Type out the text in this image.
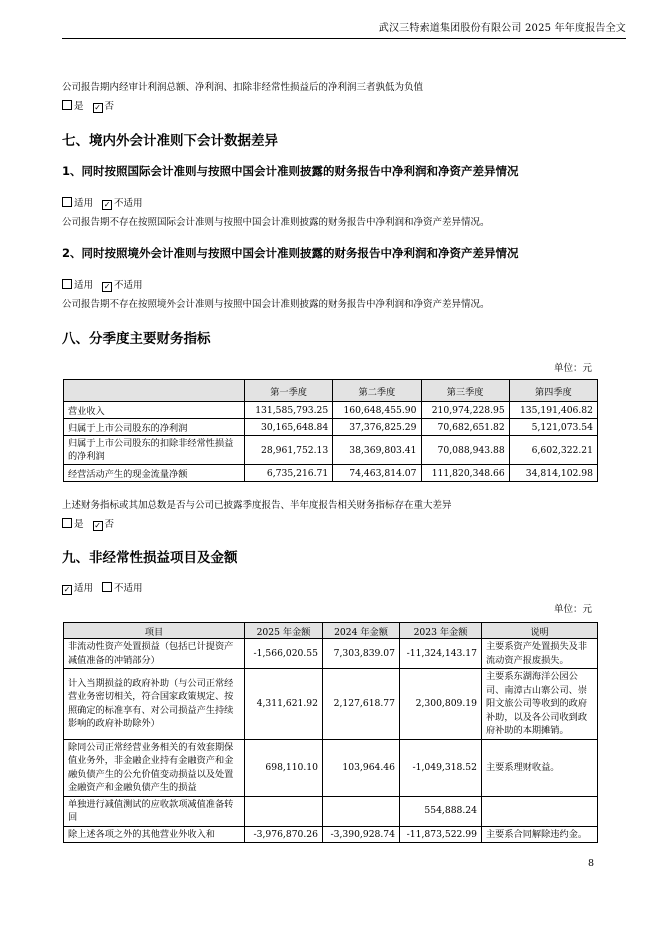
武汉三特索道集团股份有限公司 2025 年年度报告全文
公司报告期内经审计利润总额、净利润、扣除非经常性损益后的净利润三者孰低为负值
是 ✓ 否
七、境内外会计准则下会计数据差异
1、同时按照国际会计准则与按照中国会计准则披露的财务报告中净利润和净资产差异情况
适用 ✓ 不适用
公司报告期不存在按照国际会计准则与按照中国会计准则披露的财务报告中净利润和净资产差异情况。
2、同时按照境外会计准则与按照中国会计准则披露的财务报告中净利润和净资产差异情况
适用 ✓ 不适用
公司报告期不存在按照境外会计准则与按照中国会计准则披露的财务报告中净利润和净资产差异情况。
八、分季度主要财务指标
单位：元
	第一季度	第二季度	第三季度	第四季度
营业收入	131,585,793.25	160,648,455.90	210,974,228.95	135,191,406.82
归属于上市公司股东的净利润	30,165,648.84	37,376,825.29	70,682,651.82	5,121,073.54
归属于上市公司股东的扣除非经常性损益的净利润	28,961,752.13	38,369,803.41	70,088,943.88	6,602,322.21
经营活动产生的现金流量净额	6,735,216.71	74,463,814.07	111,820,348.66	34,814,102.98
上述财务指标或其加总数是否与公司已披露季度报告、半年度报告相关财务指标存在重大差异
是 ✓ 否
九、非经常性损益项目及金额
✓ 适用 不适用
单位：元
项目	2025 年金额	2024 年金额	2023 年金额	说明
非流动性资产处置损益（包括已计提资产减值准备的冲销部分）	-1,566,020.55	7,303,839.07	-11,324,143.17	主要系资产处置损失及非流动资产报废损失。
计入当期损益的政府补助（与公司正常经营业务密切相关，符合国家政策规定、按照确定的标准享有、对公司损益产生持续影响的政府补助除外）	4,311,621.92	2,127,618.77	2,300,809.19	主要系东湖海洋公园公司、南漳古山寨公司、崇阳文旅公司等收到的政府补助，以及各公司收到政府补助的本期摊销。
除同公司正常经营业务相关的有效套期保值业务外，非金融企业持有金融资产和金融负债产生的公允价值变动损益以及处置金融资产和金融负债产生的损益	698,110.10	103,964.46	-1,049,318.52	主要系理财收益。
单独进行减值测试的应收款项减值准备转回			554,888.24	
除上述各项之外的其他营业外收入和	-3,976,870.26	-3,390,928.74	-11,873,522.99	主要系合同解除违约金。
8
